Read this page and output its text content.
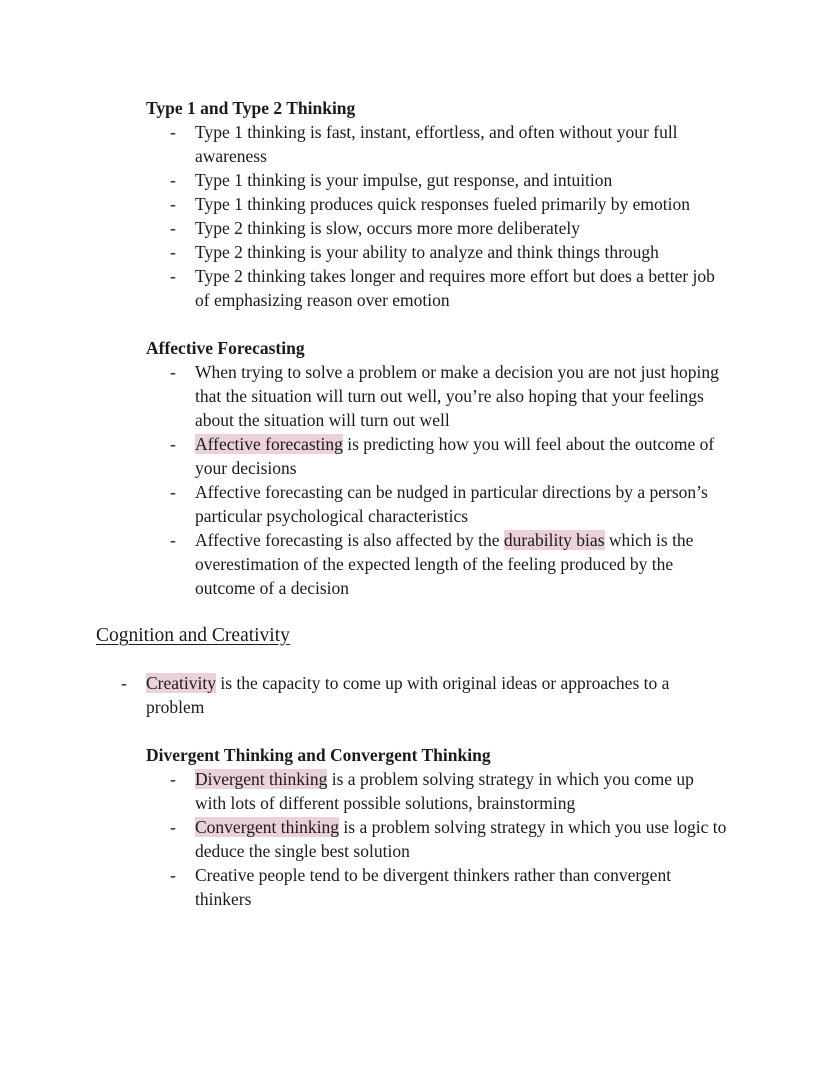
Type 1 and Type 2 Thinking
- Type 1 thinking is fast, instant, effortless, and often without your full awareness
- Type 1 thinking is your impulse, gut response, and intuition
- Type 1 thinking produces quick responses fueled primarily by emotion
- Type 2 thinking is slow, occurs more more deliberately
- Type 2 thinking is your ability to analyze and think things through
- Type 2 thinking takes longer and requires more effort but does a better job of emphasizing reason over emotion
Affective Forecasting
- When trying to solve a problem or make a decision you are not just hoping that the situation will turn out well, you’re also hoping that your feelings about the situation will turn out well
- Affective forecasting is predicting how you will feel about the outcome of your decisions
- Affective forecasting can be nudged in particular directions by a person’s particular psychological characteristics
- Affective forecasting is also affected by the durability bias which is the overestimation of the expected length of the feeling produced by the outcome of a decision
Cognition and Creativity
- Creativity is the capacity to come up with original ideas or approaches to a problem
Divergent Thinking and Convergent Thinking
- Divergent thinking is a problem solving strategy in which you come up with lots of different possible solutions, brainstorming
- Convergent thinking is a problem solving strategy in which you use logic to deduce the single best solution
- Creative people tend to be divergent thinkers rather than convergent thinkers
